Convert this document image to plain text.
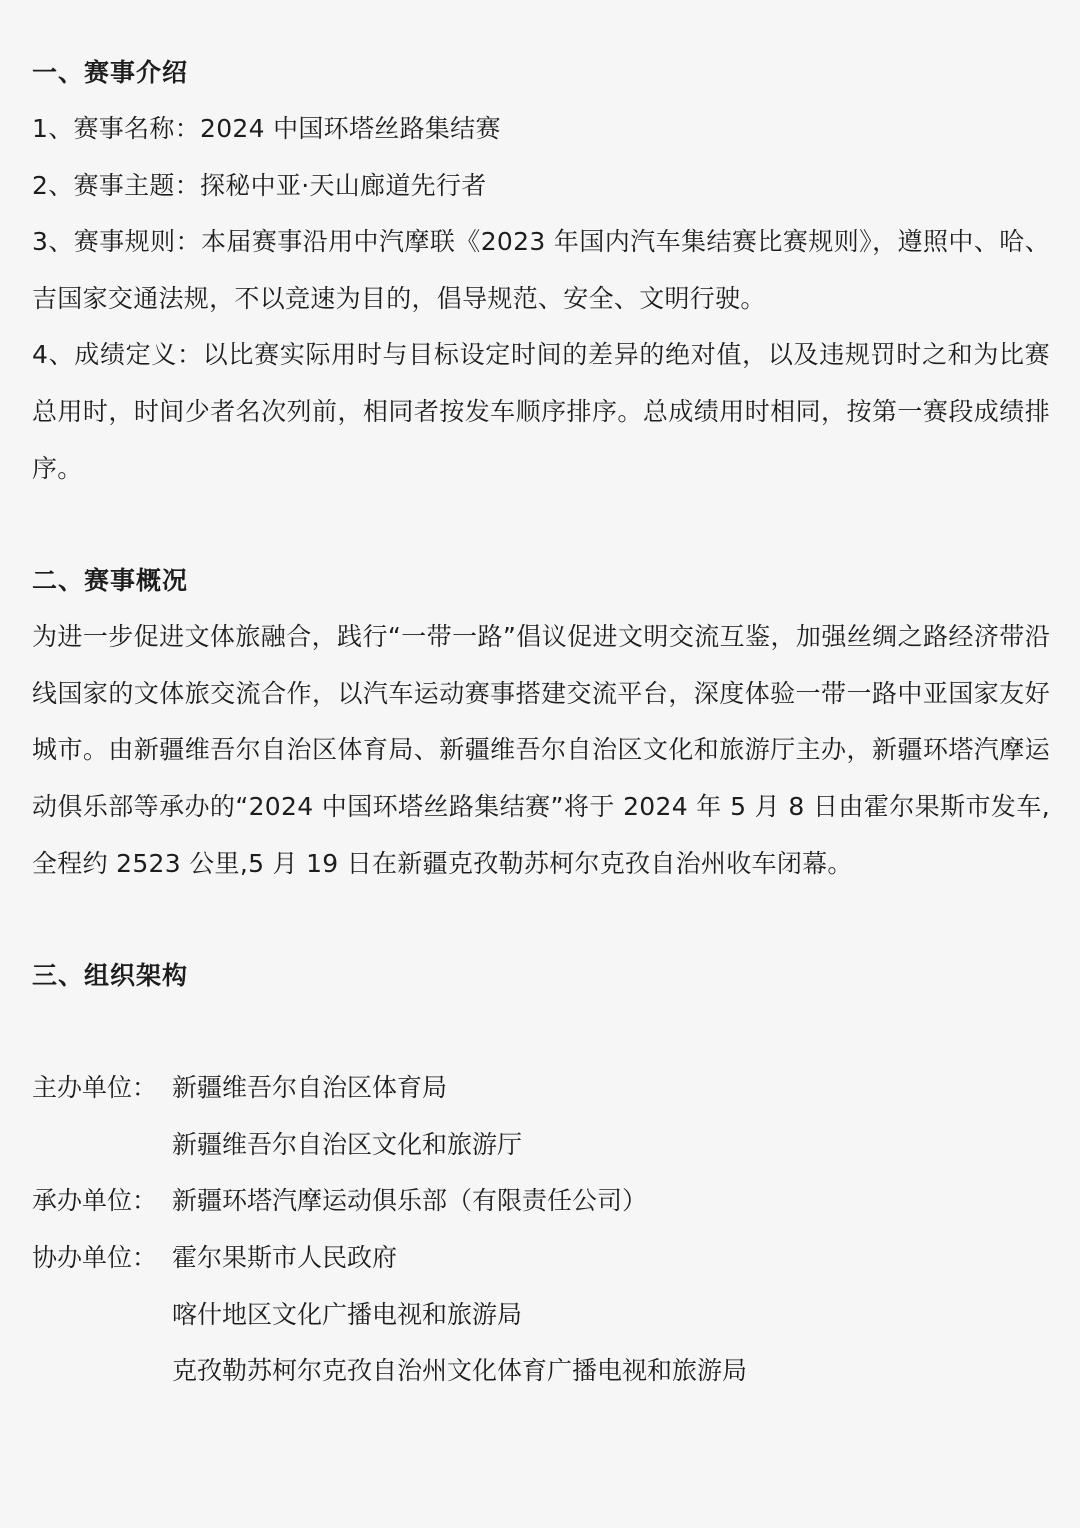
一、赛事介绍

1、赛事名称：2024 中国环塔丝路集结赛

2、赛事主题：探秘中亚·天山廊道先行者

3、赛事规则：本届赛事沿用中汽摩联《2023 年国内汽车集结赛比赛规则》，遵照中、哈、吉国家交通法规，不以竞速为目的，倡导规范、安全、文明行驶。

4、成绩定义：以比赛实际用时与目标设定时间的差异的绝对值，以及违规罚时之和为比赛总用时，时间少者名次列前，相同者按发车顺序排序。总成绩用时相同，按第一赛段成绩排序。

二、赛事概况

为进一步促进文体旅融合，践行“一带一路”倡议促进文明交流互鉴，加强丝绸之路经济带沿线国家的文体旅交流合作，以汽车运动赛事搭建交流平台，深度体验一带一路中亚国家友好城市。由新疆维吾尔自治区体育局、新疆维吾尔自治区文化和旅游厅主办，新疆环塔汽摩运动俱乐部等承办的“2024 中国环塔丝路集结赛”将于 2024 年 5 月 8 日由霍尔果斯市发车,全程约 2523 公里,5 月 19 日在新疆克孜勒苏柯尔克孜自治州收车闭幕。

三、组织架构
主办单位： 新疆维吾尔自治区体育局
新疆维吾尔自治区文化和旅游厅
承办单位： 新疆环塔汽摩运动俱乐部（有限责任公司）
协办单位： 霍尔果斯市人民政府
喀什地区文化广播电视和旅游局
克孜勒苏柯尔克孜自治州文化体育广播电视和旅游局
